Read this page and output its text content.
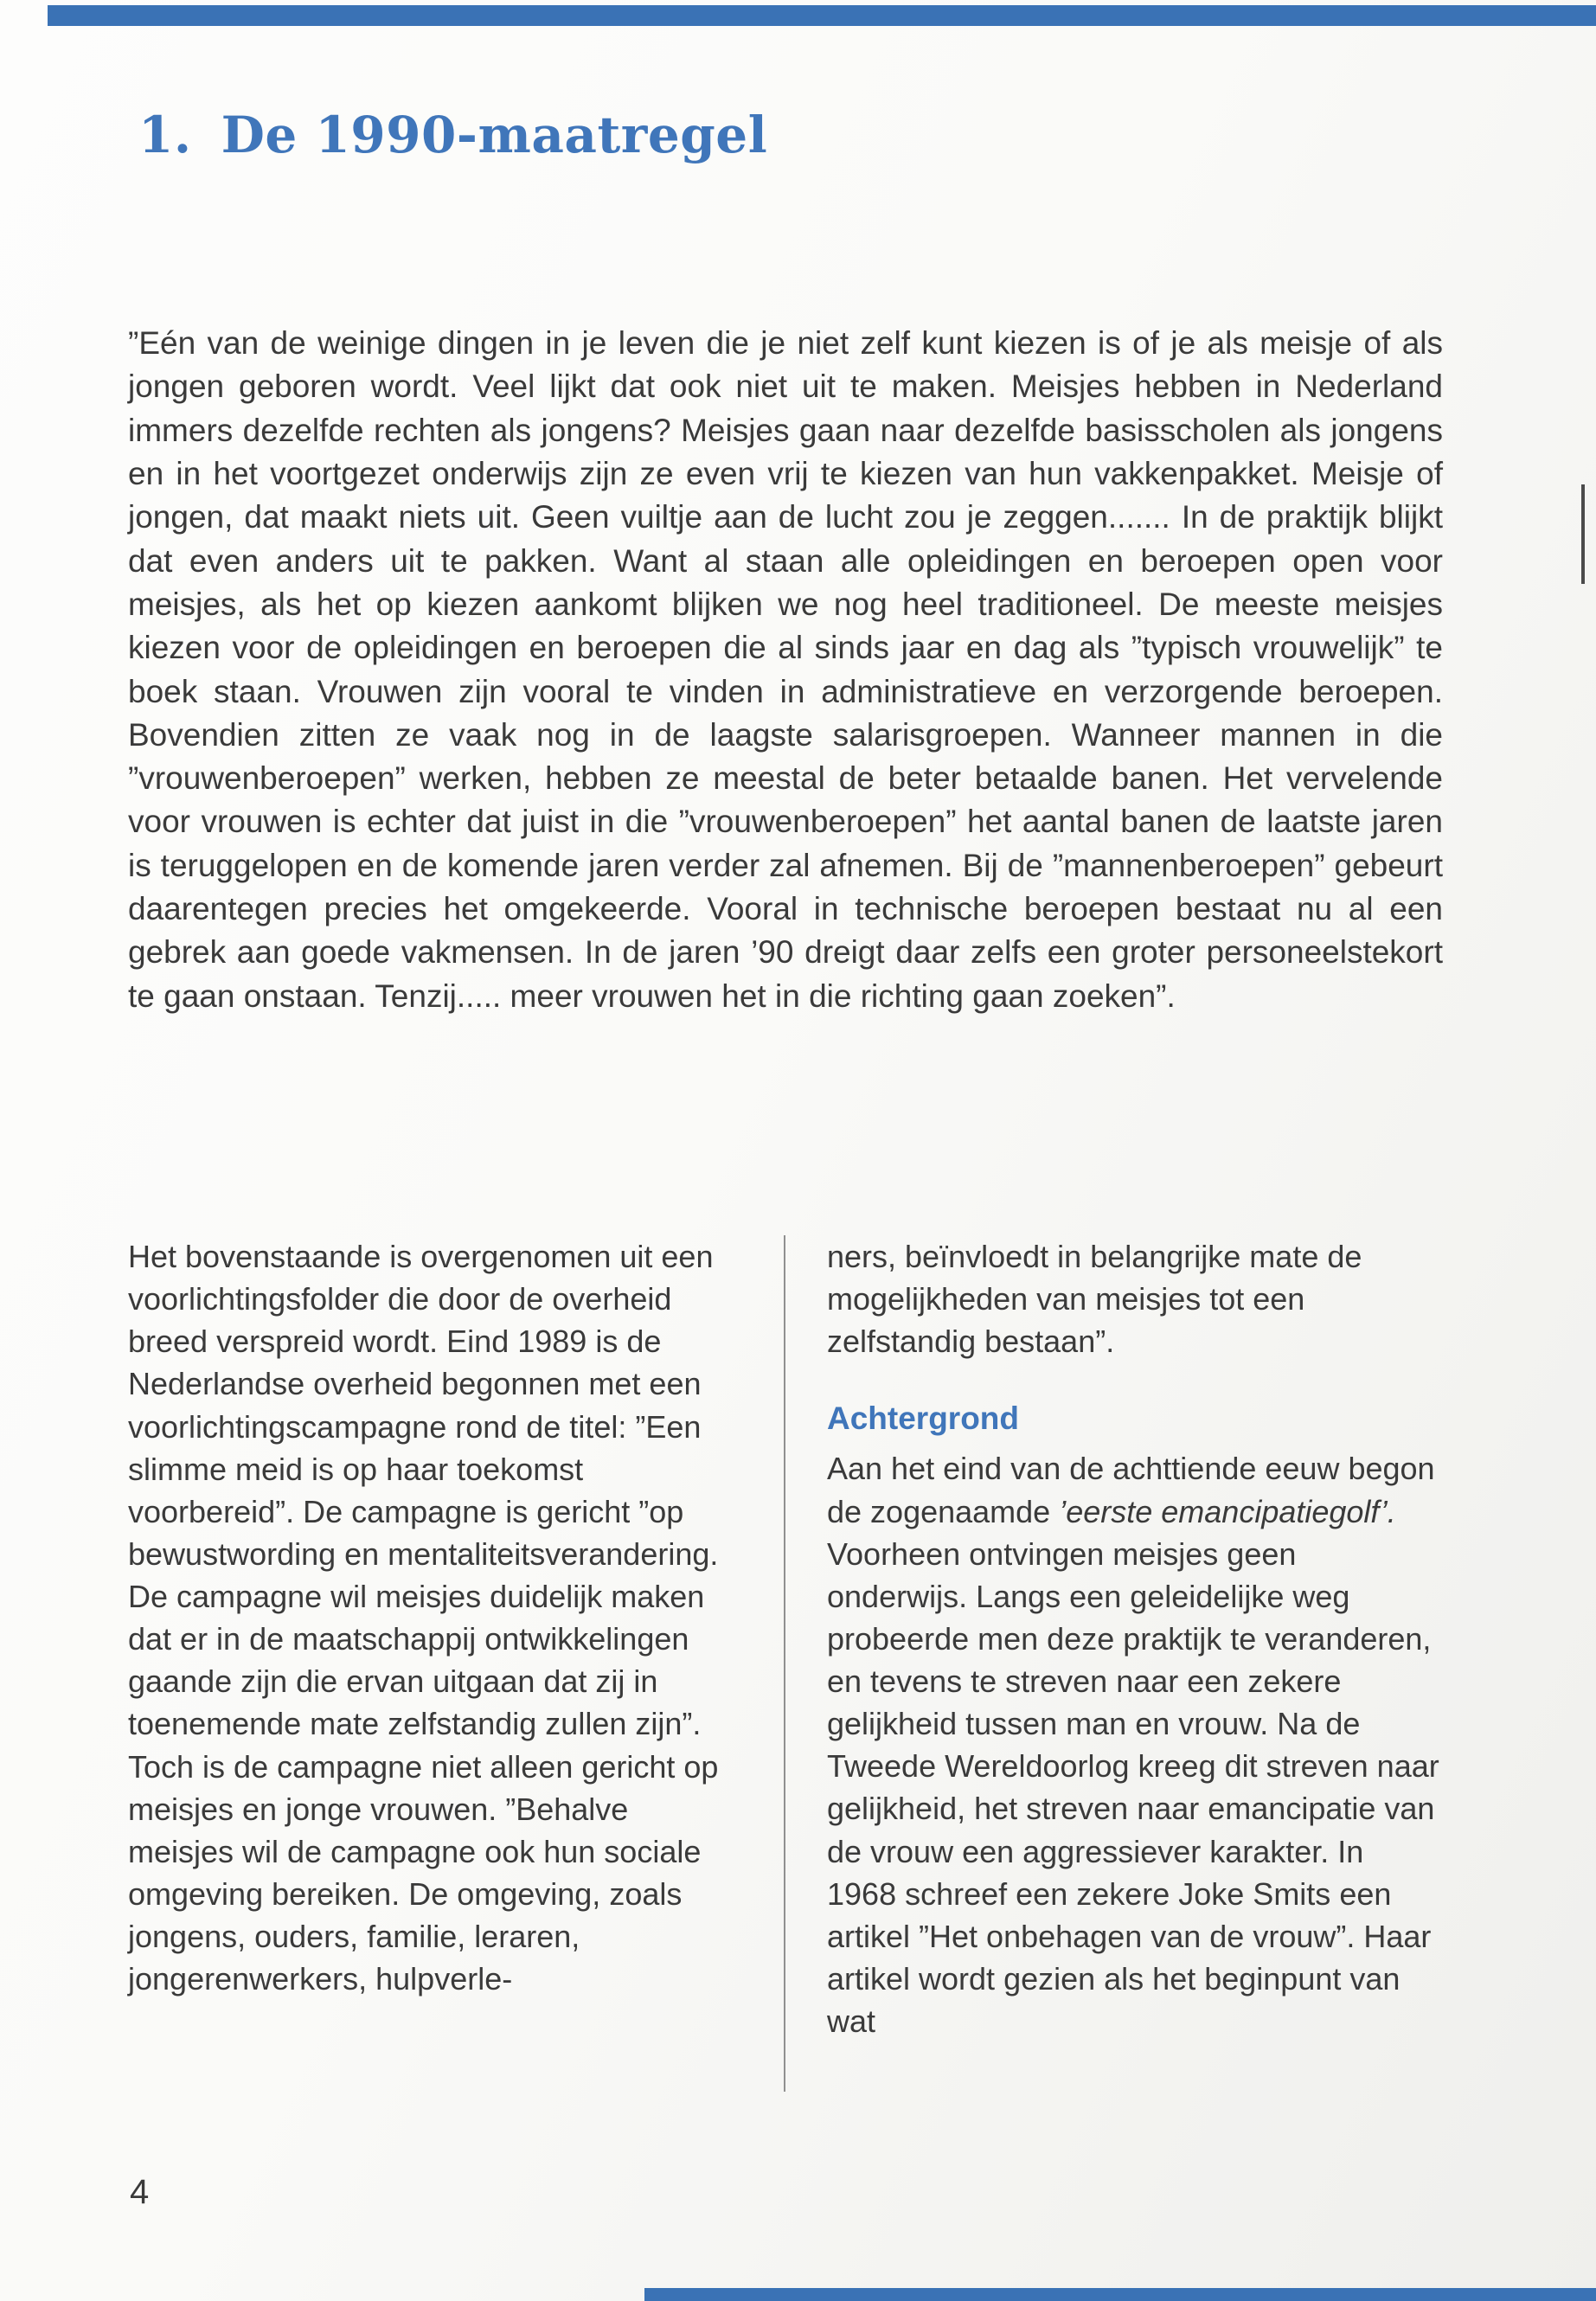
1. De 1990-maatregel

”Eén van de weinige dingen in je leven die je niet zelf kunt kiezen is of je als meisje of als jongen geboren wordt. Veel lijkt dat ook niet uit te maken. Meisjes hebben in Nederland immers dezelfde rechten als jongens? Meisjes gaan naar dezelfde basisscholen als jongens en in het voortgezet onderwijs zijn ze even vrij te kiezen van hun vakkenpakket. Meisje of jongen, dat maakt niets uit. Geen vuiltje aan de lucht zou je zeggen....... In de praktijk blijkt dat even anders uit te pakken. Want al staan alle opleidingen en beroepen open voor meisjes, als het op kiezen aankomt blijken we nog heel traditioneel. De meeste meisjes kiezen voor de opleidingen en beroepen die al sinds jaar en dag als ”typisch vrouwelijk” te boek staan. Vrouwen zijn vooral te vinden in administratieve en verzorgende beroepen. Bovendien zitten ze vaak nog in de laagste salarisgroepen. Wanneer mannen in die ”vrouwenberoepen” werken, hebben ze meestal de beter betaalde banen. Het vervelende voor vrouwen is echter dat juist in die ”vrouwenberoepen” het aantal banen de laatste jaren is teruggelopen en de komende jaren verder zal afnemen. Bij de ”mannenberoepen” gebeurt daarentegen precies het omgekeerde. Vooral in technische beroepen bestaat nu al een gebrek aan goede vakmensen. In de jaren ’90 dreigt daar zelfs een groter personeelstekort te gaan onstaan. Tenzij..... meer vrouwen het in die richting gaan zoeken”.

Het bovenstaande is overgenomen uit een voorlichtingsfolder die door de overheid breed verspreid wordt. Eind 1989 is de Nederlandse overheid begonnen met een voorlichtingscampagne rond de titel: ”Een slimme meid is op haar toekomst voorbereid”. De campagne is gericht ”op bewustwording en mentaliteitsverandering. De campagne wil meisjes duidelijk maken dat er in de maatschappij ontwikkelingen gaande zijn die ervan uitgaan dat zij in toenemende mate zelfstandig zullen zijn”. Toch is de campagne niet alleen gericht op meisjes en jonge vrouwen. ”Behalve meisjes wil de campagne ook hun sociale omgeving bereiken. De omgeving, zoals jongens, ouders, familie, leraren, jongerenwerkers, hulpverle-

ners, beïnvloedt in belangrijke mate de mogelijkheden van meisjes tot een zelfstandig bestaan”.

Achtergrond

Aan het eind van de achttiende eeuw begon de zogenaamde ’eerste emancipatiegolf’. Voorheen ontvingen meisjes geen onderwijs. Langs een geleidelijke weg probeerde men deze praktijk te veranderen, en tevens te streven naar een zekere gelijkheid tussen man en vrouw. Na de Tweede Wereldoorlog kreeg dit streven naar gelijkheid, het streven naar emancipatie van de vrouw een aggressiever karakter. In 1968 schreef een zekere Joke Smits een artikel ”Het onbehagen van de vrouw”. Haar artikel wordt gezien als het beginpunt van wat

4
